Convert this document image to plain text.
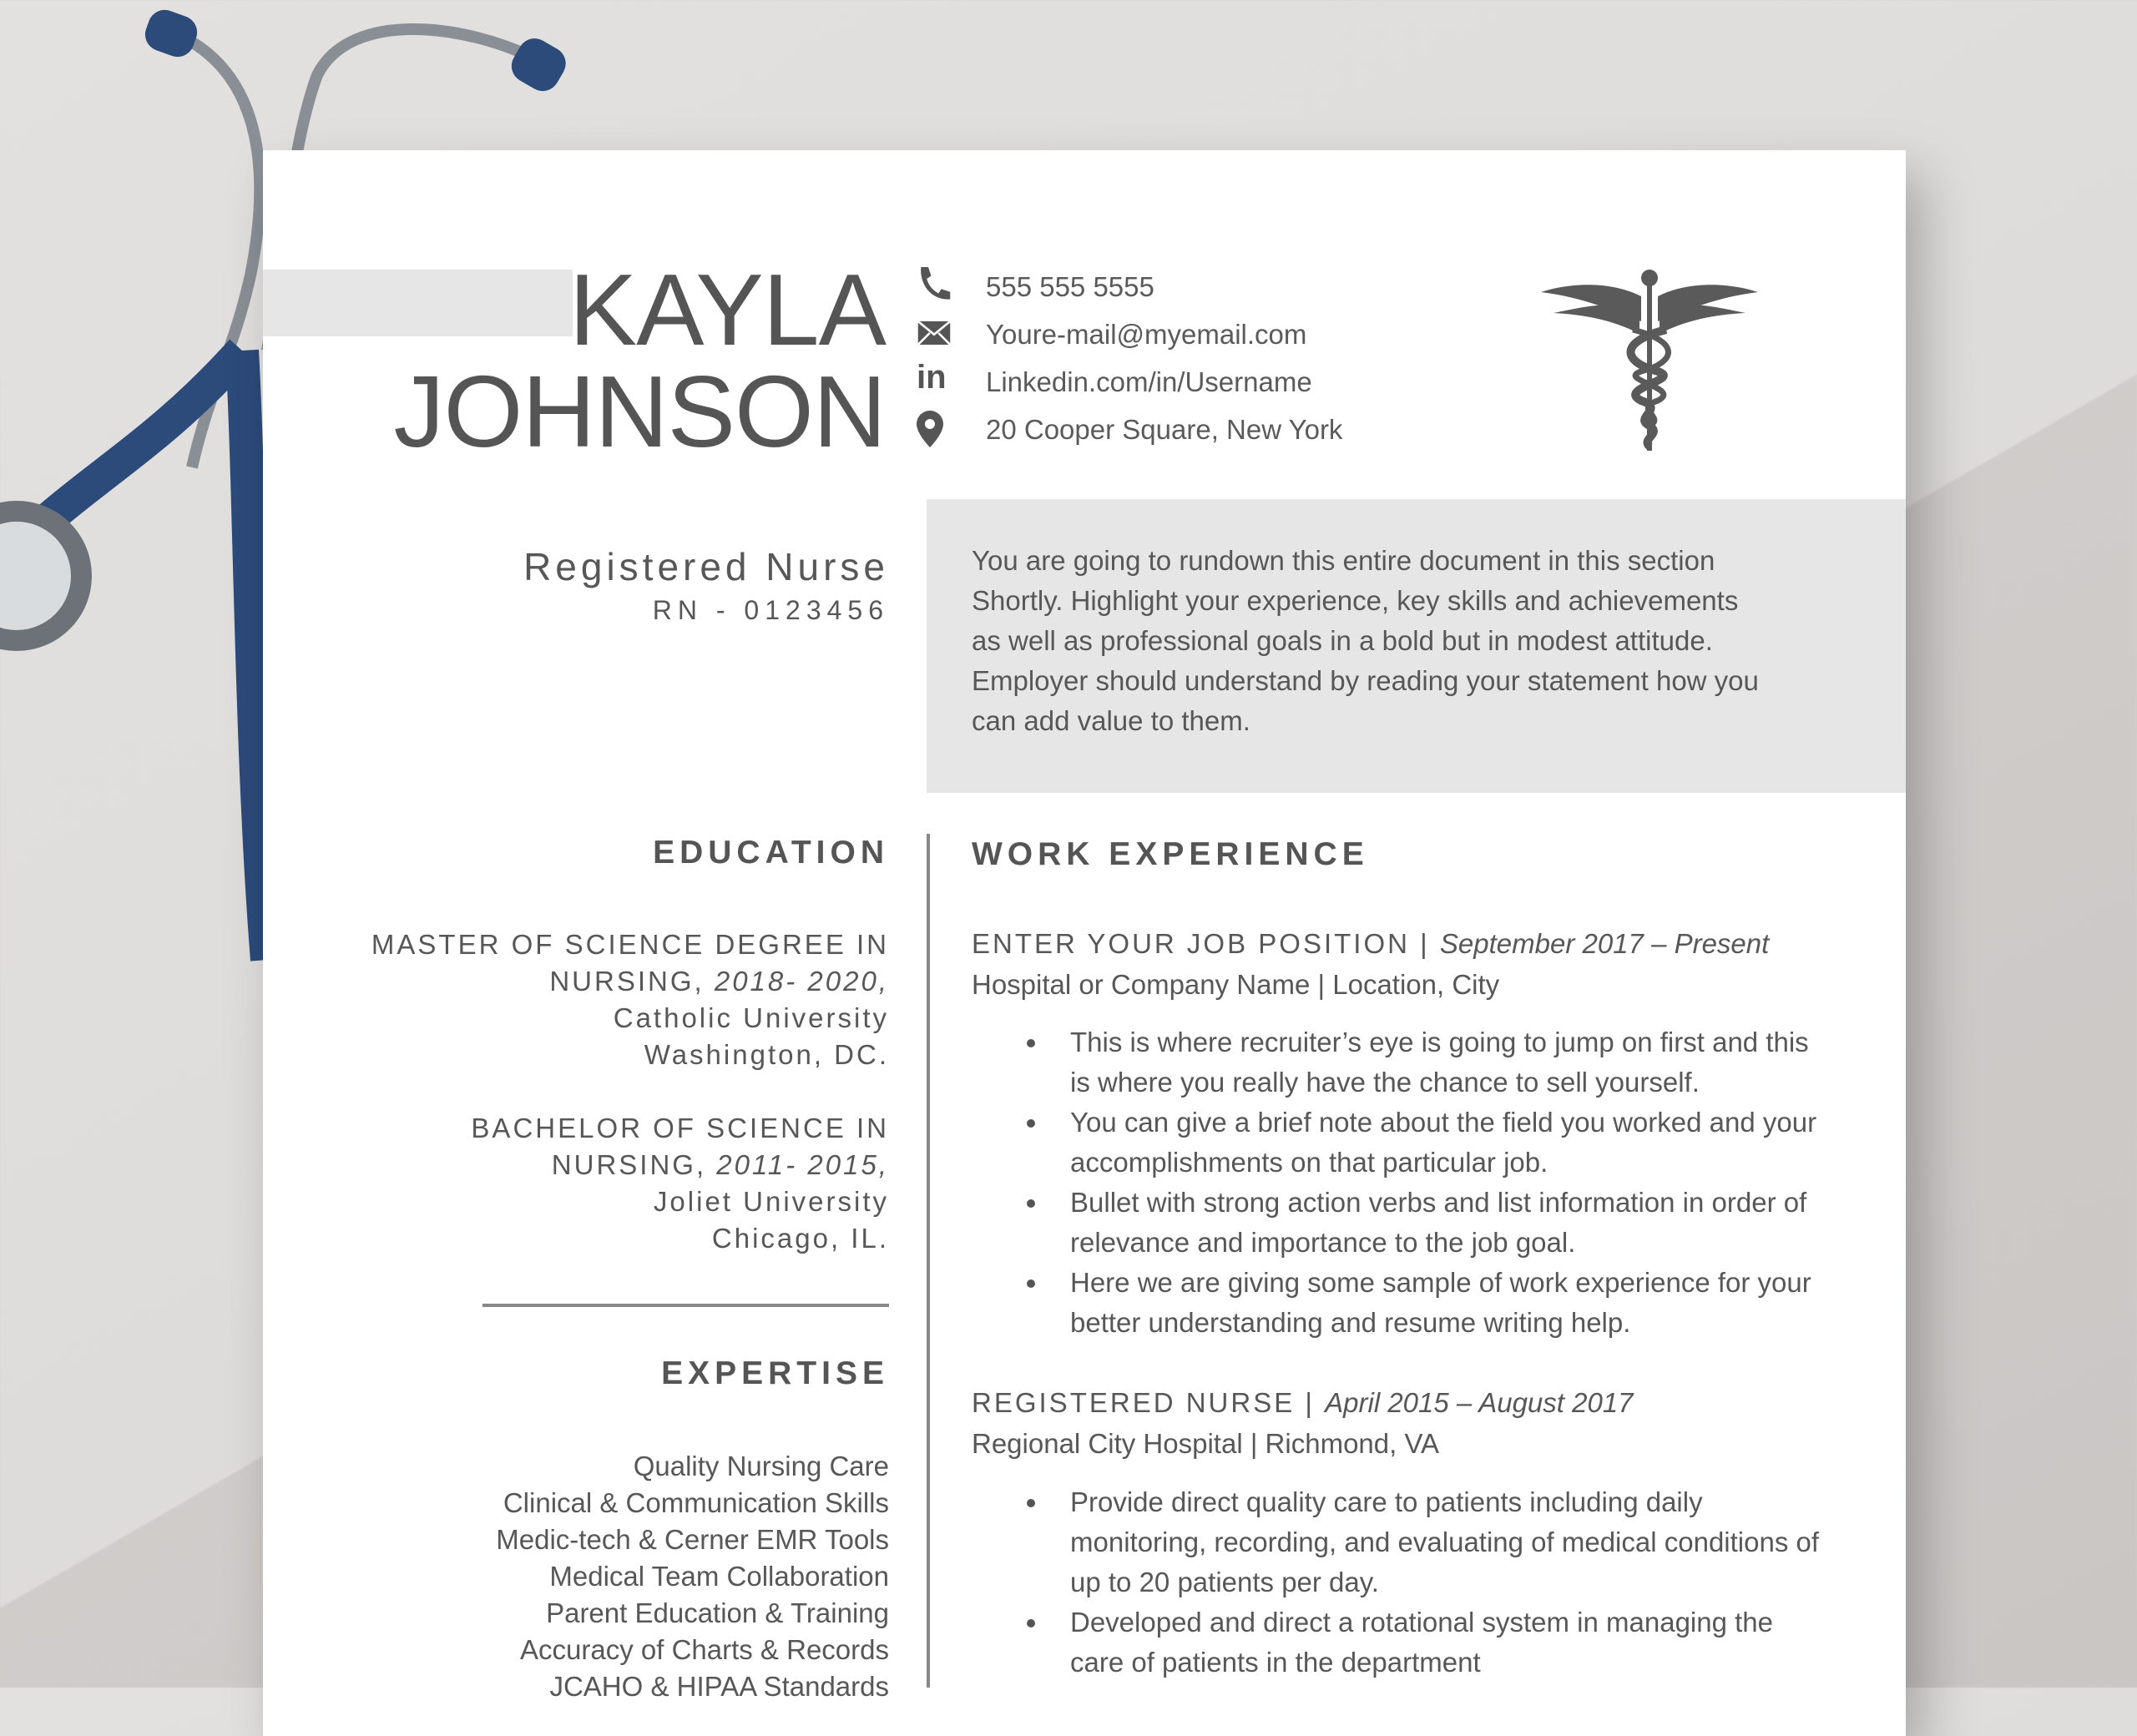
KAYLA
JOHNSON in
555 555 5555
Youre-mail@myemail.com
Linkedin.com/in/Username
20 Cooper Square, New York
Registered Nurse
RN - 0123456
You are going to rundown this entire document in this section Shortly. Highlight your experience, key skills and achievements as well as professional goals in a bold but in modest attitude. Employer should understand by reading your statement how you can add value to them.
EDUCATION
MASTER OF SCIENCE DEGREE IN
NURSING, 2018- 2020,
Catholic University
Washington, DC.
BACHELOR OF SCIENCE IN
NURSING, 2011- 2015,
Joliet University
Chicago, IL.
EXPERTISE
Quality Nursing Care
Clinical & Communication Skills
Medic-tech & Cerner EMR Tools
Medical Team Collaboration
Parent Education & Training
Accuracy of Charts & Records
JCAHO & HIPAA Standards
WORK EXPERIENCE
ENTER YOUR JOB POSITION | September 2017 – Present
Hospital or Company Name | Location, City
This is where recruiter’s eye is going to jump on first and this is where you really have the chance to sell yourself.
You can give a brief note about the field you worked and your accomplishments on that particular job.
Bullet with strong action verbs and list information in order of relevance and importance to the job goal.
Here we are giving some sample of work experience for your better understanding and resume writing help.
REGISTERED NURSE | April 2015 – August 2017
Regional City Hospital | Richmond, VA
Provide direct quality care to patients including daily monitoring, recording, and evaluating of medical conditions of up to 20 patients per day.
Developed and direct a rotational system in managing the care of patients in the department
